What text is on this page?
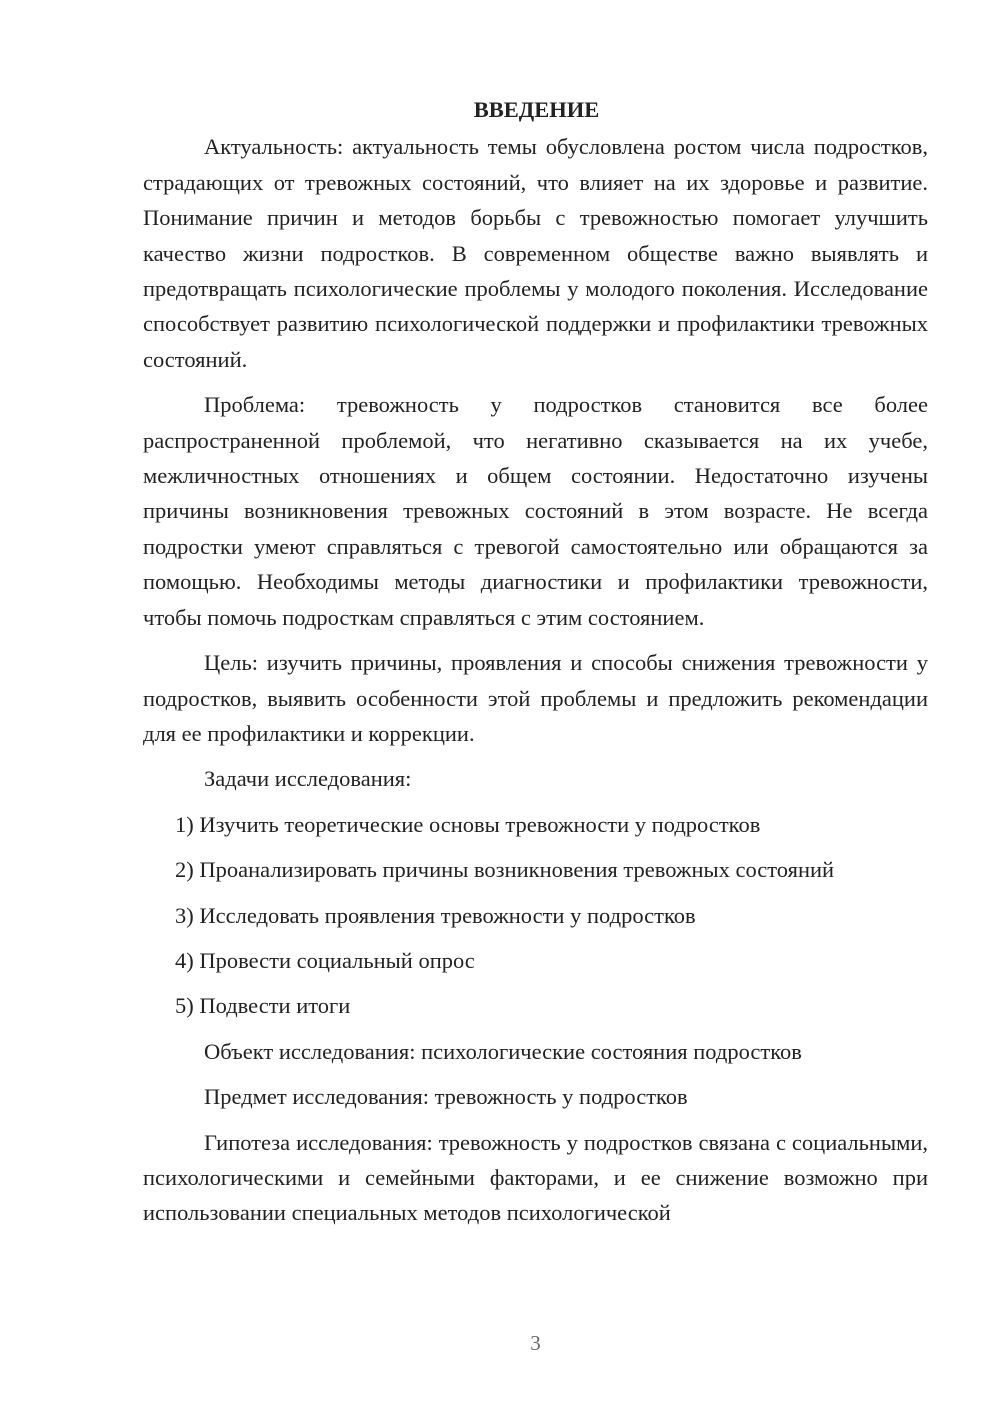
ВВЕДЕНИЕ

Актуальность: актуальность темы обусловлена ростом числа подростков, страдающих от тревожных состояний, что влияет на их здоровье и развитие. Понимание причин и методов борьбы с тревожностью помогает улучшить качество жизни подростков. В современном обществе важно выявлять и предотвращать психологические проблемы у молодого поколения. Исследование способствует развитию психологической поддержки и профилактики тревожных состояний.

Проблема: тревожность у подростков становится все более распространенной проблемой, что негативно сказывается на их учебе, межличностных отношениях и общем состоянии. Недостаточно изучены причины возникновения тревожных состояний в этом возрасте. Не всегда подростки умеют справляться с тревогой самостоятельно или обращаются за помощью. Необходимы методы диагностики и профилактики тревожности, чтобы помочь подросткам справляться с этим состоянием.

Цель: изучить причины, проявления и способы снижения тревожности у подростков, выявить особенности этой проблемы и предложить рекомендации для ее профилактики и коррекции.

Задачи исследования:

1) Изучить теоретические основы тревожности у подростков
2) Проанализировать причины возникновения тревожных состояний
3) Исследовать проявления тревожности у подростков
4) Провести социальный опрос
5) Подвести итоги

Объект исследования: психологические состояния подростков

Предмет исследования: тревожность у подростков

Гипотеза исследования: тревожность у подростков связана с социальными, психологическими и семейными факторами, и ее снижение возможно при использовании специальных методов психологической

3
